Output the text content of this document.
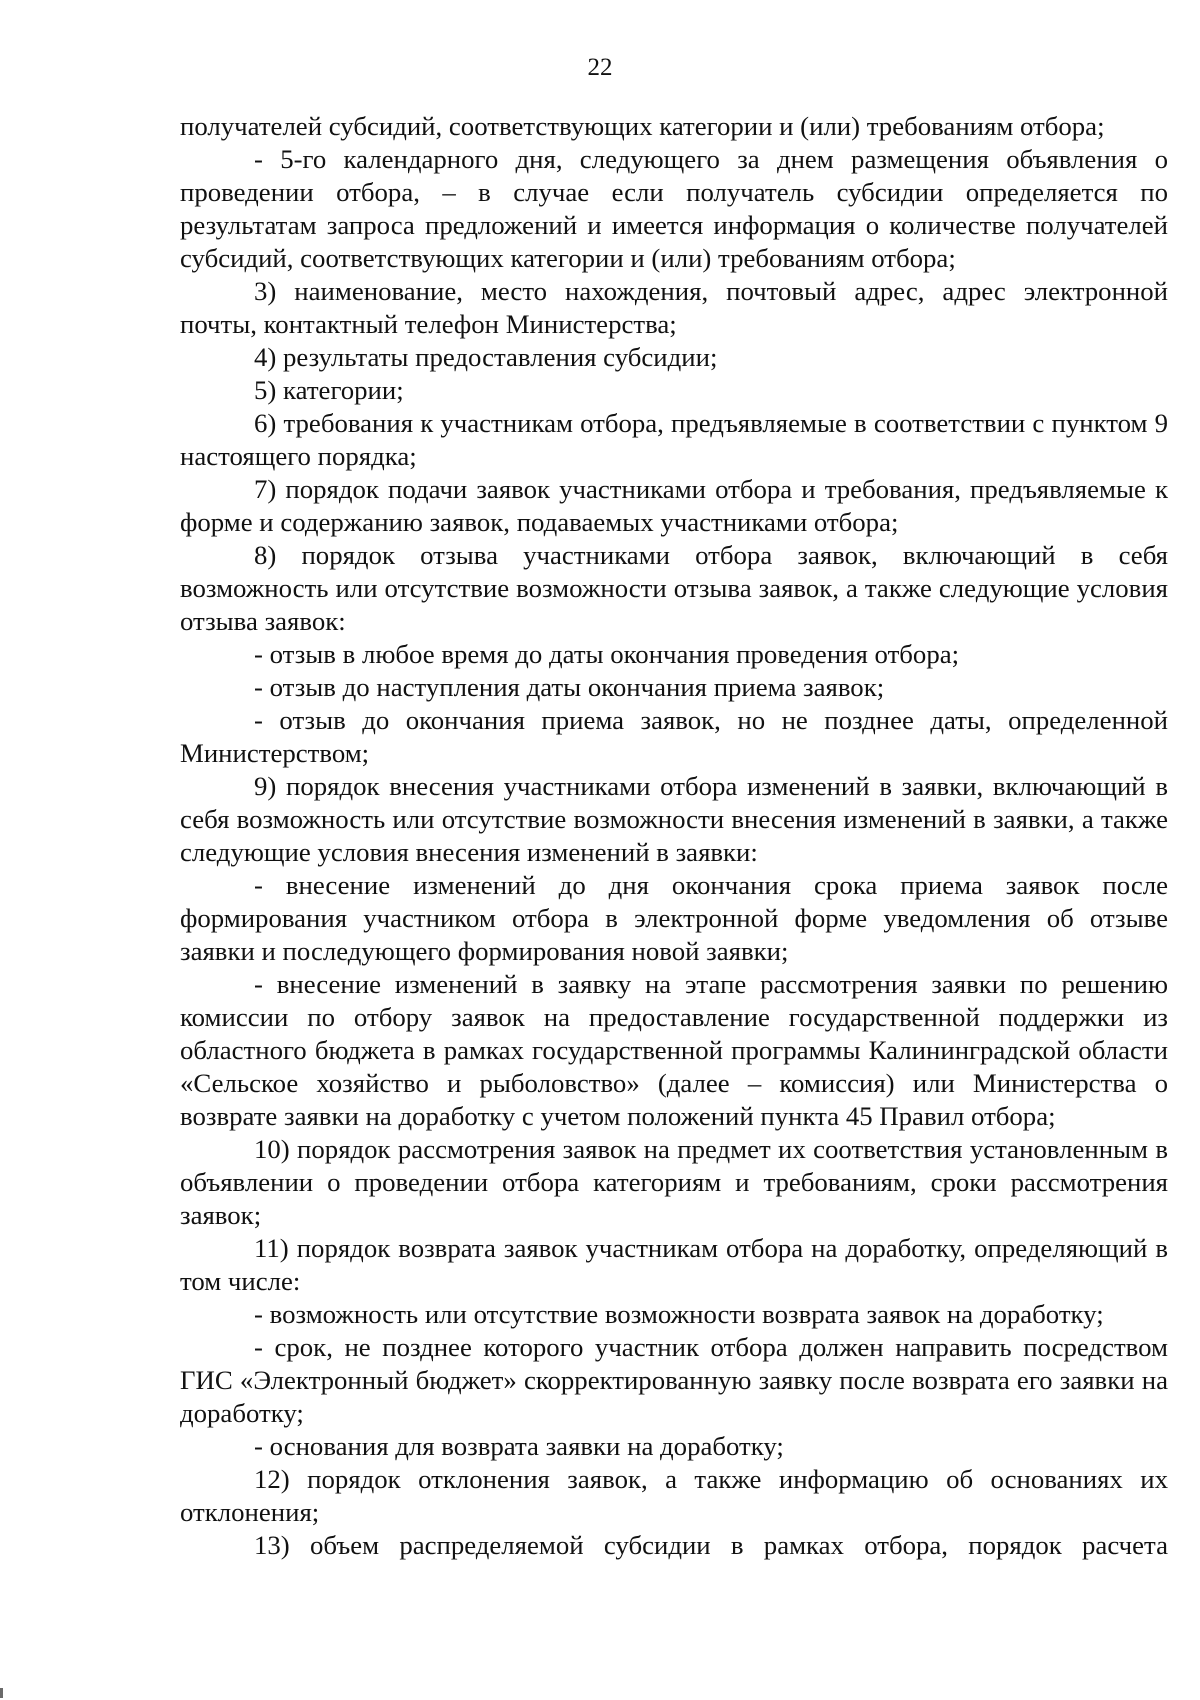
22

получателей субсидий, соответствующих категории и (или) требованиям отбора;

- 5-го календарного дня, следующего за днем размещения объявления о проведении отбора, – в случае если получатель субсидии определяется по результатам запроса предложений и имеется информация о количестве получателей субсидий, соответствующих категории и (или) требованиям отбора;

3) наименование, место нахождения, почтовый адрес, адрес электронной почты, контактный телефон Министерства;

4) результаты предоставления субсидии;

5) категории;

6) требования к участникам отбора, предъявляемые в соответствии с пунктом 9 настоящего порядка;

7) порядок подачи заявок участниками отбора и требования, предъявляемые к форме и содержанию заявок, подаваемых участниками отбора;

8) порядок отзыва участниками отбора заявок, включающий в себя возможность или отсутствие возможности отзыва заявок, а также следующие условия отзыва заявок:

- отзыв в любое время до даты окончания проведения отбора;

- отзыв до наступления даты окончания приема заявок;

- отзыв до окончания приема заявок, но не позднее даты, определенной Министерством;

9) порядок внесения участниками отбора изменений в заявки, включающий в себя возможность или отсутствие возможности внесения изменений в заявки, а также следующие условия внесения изменений в заявки:

- внесение изменений до дня окончания срока приема заявок после формирования участником отбора в электронной форме уведомления об отзыве заявки и последующего формирования новой заявки;

- внесение изменений в заявку на этапе рассмотрения заявки по решению комиссии по отбору заявок на предоставление государственной поддержки из областного бюджета в рамках государственной программы Калининградской области «Сельское хозяйство и рыболовство» (далее – комиссия) или Министерства о возврате заявки на доработку с учетом положений пункта 45 Правил отбора;

10) порядок рассмотрения заявок на предмет их соответствия установленным в объявлении о проведении отбора категориям и требованиям, сроки рассмотрения заявок;

11) порядок возврата заявок участникам отбора на доработку, определяющий в том числе:

- возможность или отсутствие возможности возврата заявок на доработку;

- срок, не позднее которого участник отбора должен направить посредством ГИС «Электронный бюджет» скорректированную заявку после возврата его заявки на доработку;

- основания для возврата заявки на доработку;

12) порядок отклонения заявок, а также информацию об основаниях их отклонения;

13) объем распределяемой субсидии в рамках отбора, порядок расчета
